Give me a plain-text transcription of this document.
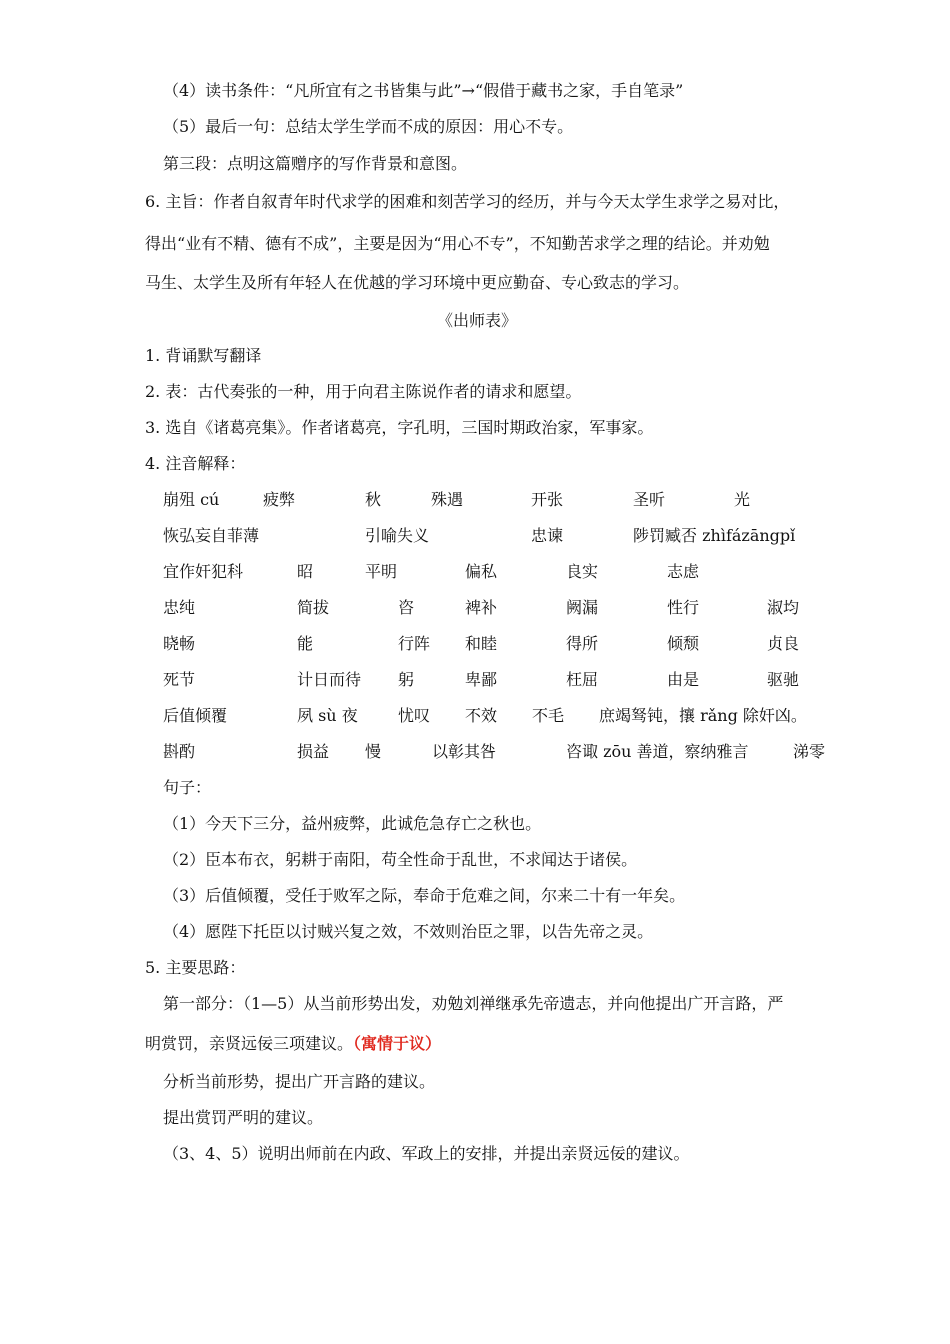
（4）读书条件：“凡所宜有之书皆集与此”→“假借于藏书之家，手自笔录”
（5）最后一句：总结太学生学而不成的原因：用心不专。
第三段：点明这篇赠序的写作背景和意图。
6. 主旨：作者自叙青年时代求学的困难和刻苦学习的经历，并与今天太学生求学之易对比，
得出“业有不精、德有不成”，主要是因为“用心不专”，不知勤苦求学之理的结论。并劝勉
马生、太学生及所有年轻人在优越的学习环境中更应勤奋、专心致志的学习。
《出师表》
1. 背诵默写翻译
2. 表：古代奏张的一种，用于向君主陈说作者的请求和愿望。
3. 选自《诸葛亮集》。作者诸葛亮，字孔明，三国时期政治家，军事家。
4. 注音解释：
崩殂 cú	疲弊	秋	殊遇	开张	圣听	光
恢弘妄自菲薄	引喻失义	忠谏	陟罚臧否 zhìfázāngpǐ
宜作奸犯科	昭	平明	偏私	良实	志虑
忠纯	简拔	咨	裨补	阙漏	性行	淑均
晓畅	能	行阵 和睦	得所	倾颓	贞良
死节	计日而待 躬	卑鄙	枉屈	由是	驱驰
后值倾覆	夙 sù 夜	忧叹 不效 不毛 庶竭驽钝，攘 rǎng 除奸凶。
斟酌	损益 慢	以彰其咎	咨诹 zōu 善道，察纳雅言	涕零
句子：
（1）今天下三分，益州疲弊，此诚危急存亡之秋也。
（2）臣本布衣，躬耕于南阳，苟全性命于乱世，不求闻达于诸侯。
（3）后值倾覆，受任于败军之际，奉命于危难之间，尔来二十有一年矣。
（4）愿陛下托臣以讨贼兴复之效，不效则治臣之罪，以告先帝之灵。
5. 主要思路：
第一部分：（1—5）从当前形势出发，劝勉刘禅继承先帝遗志，并向他提出广开言路，严
明赏罚，亲贤远佞三项建议。（寓情于议）
分析当前形势，提出广开言路的建议。
提出赏罚严明的建议。
（3、4、5）说明出师前在内政、军政上的安排，并提出亲贤远佞的建议。
